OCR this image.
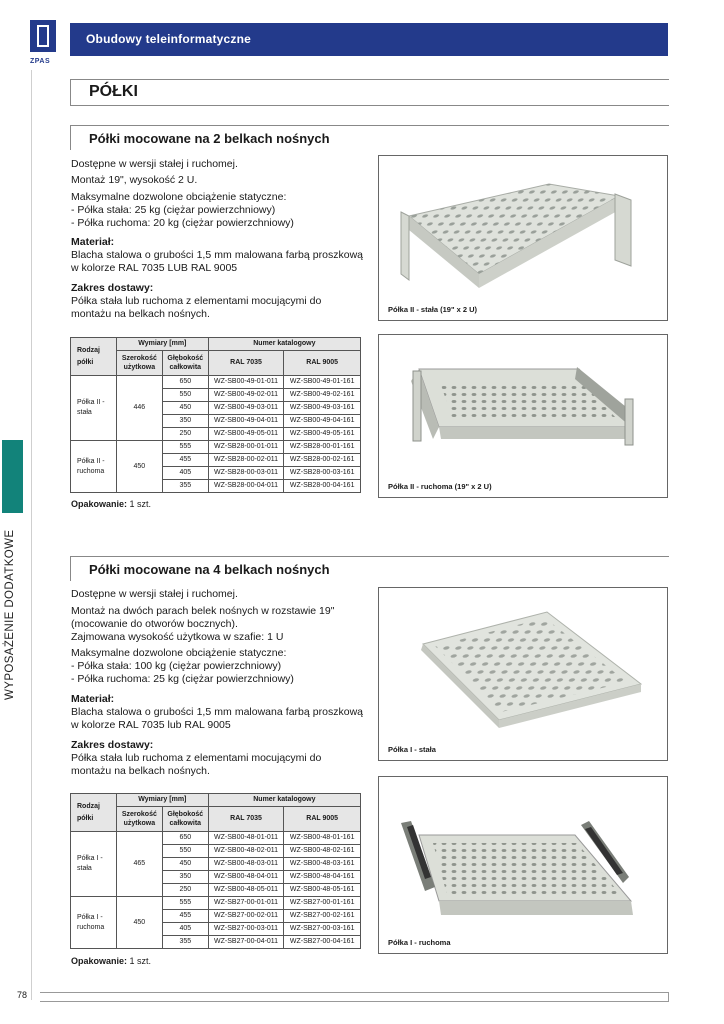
ZPAS
Obudowy teleinformatyczne
PÓŁKI
WYPOSAŻENIE DODATKOWE
Półki mocowane na 2 belkach nośnych

Dostępne w wersji stałej i ruchomej.

Montaż 19", wysokość 2 U.

Maksymalne dozwolone obciążenie statyczne:

- Półka stała: 25 kg (ciężar powierzchniowy)

- Półka ruchoma: 20 kg (ciężar powierzchniowy)

Materiał:

Blacha stalowa o grubości 1,5 mm malowana farbą proszkową w kolorze RAL 7035 LUB RAL 9005

Zakres dostawy:

Półka stała lub ruchoma z elementami mocującymi do montażu na belkach nośnych.	Półka II - stała (19" x 2 U)
Półka II - ruchoma (19" x 2 U)
Rodzaj półki	Wymiary [mm]		Numer katalogowy	
	Szerokość użytkowa	Głębokość całkowita	RAL 7035	RAL 9005
Półka II - stała	446	650	WZ-SB00-49-01-011	WZ-SB00-49-01-161
		550	WZ-SB00-49-02-011	WZ-SB00-49-02-161
		450	WZ-SB00-49-03-011	WZ-SB00-49-03-161
		350	WZ-SB00-49-04-011	WZ-SB00-49-04-161
		250	WZ-SB00-49-05-011	WZ-SB00-49-05-161
Półka II - ruchoma	450	555	WZ-SB28-00-01-011	WZ-SB28-00-01-161
		455	WZ-SB28-00-02-011	WZ-SB28-00-02-161
		405	WZ-SB28-00-03-011	WZ-SB28-00-03-161
		355	WZ-SB28-00-04-011	WZ-SB28-00-04-161
Opakowanie: 1 szt.
Półki mocowane na 4 belkach nośnych

Dostępne w wersji stałej i ruchomej.

Montaż na dwóch parach belek nośnych w rozstawie 19"

(mocowanie do otworów bocznych).

Zajmowana wysokość użytkowa w szafie: 1 U

Maksymalne dozwolone obciążenie statyczne:

- Półka stała: 100 kg (ciężar powierzchniowy)

- Półka ruchoma: 25 kg (ciężar powierzchniowy)

Materiał:

Blacha stalowa o grubości 1,5 mm malowana farbą proszkową w kolorze RAL 7035 lub RAL 9005

Zakres dostawy:

Półka stała lub ruchoma z elementami mocującymi do montażu na belkach nośnych.

Półka I - stała
Półka I - ruchoma
Rodzaj półki	Wymiary [mm]		Numer katalogowy	
	Szerokość użytkowa	Głębokość całkowita	RAL 7035	RAL 9005
Półka I - stała	465	650	WZ-SB00-48-01-011	WZ-SB00-48-01-161
		550	WZ-SB00-48-02-011	WZ-SB00-48-02-161
		450	WZ-SB00-48-03-011	WZ-SB00-48-03-161
		350	WZ-SB00-48-04-011	WZ-SB00-48-04-161
		250	WZ-SB00-48-05-011	WZ-SB00-48-05-161
Półka I - ruchoma	450	555	WZ-SB27-00-01-011	WZ-SB27-00-01-161
		455	WZ-SB27-00-02-011	WZ-SB27-00-02-161
		405	WZ-SB27-00-03-011	WZ-SB27-00-03-161
		355	WZ-SB27-00-04-011	WZ-SB27-00-04-161
Opakowanie: 1 szt.
78
